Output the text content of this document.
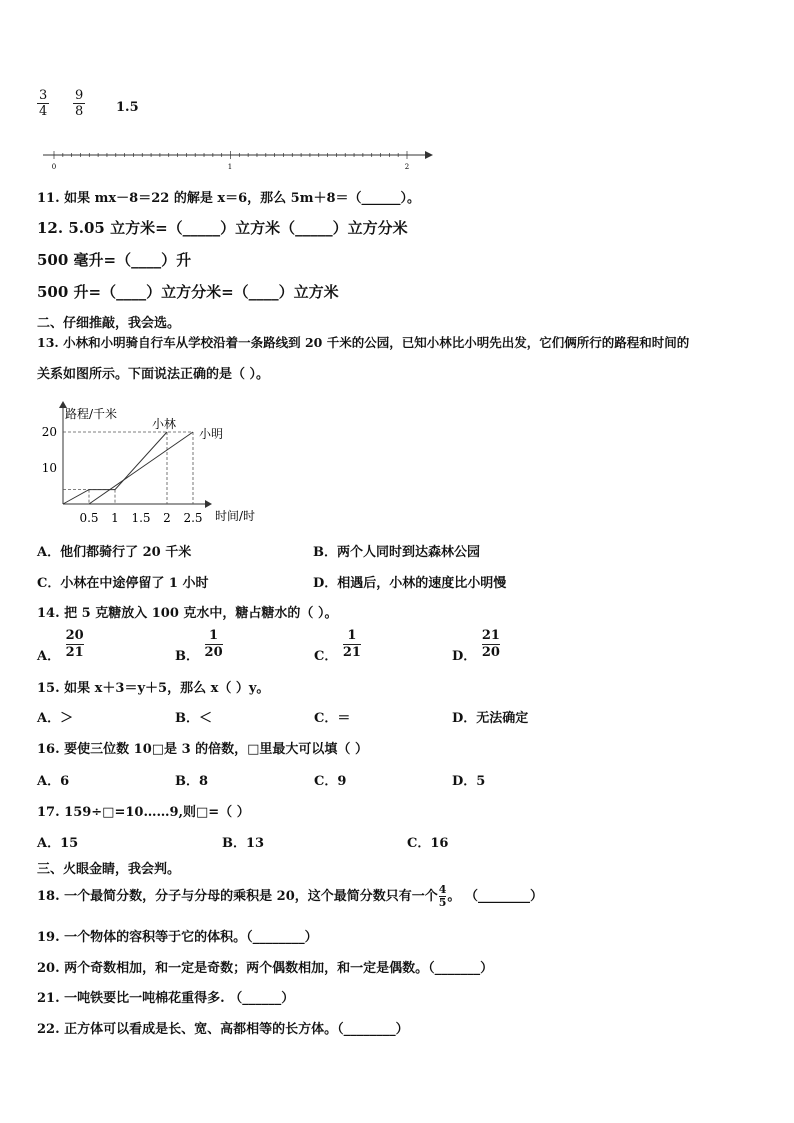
$\frac{3}{4} \frac{9}{8} 1.5$
0	1	2
11. 如果 mx－8＝22 的解是 x＝6，那么 5m＋8＝（______）。
12. 5.05 立方米=（_____）立方米（_____）立方分米
500 毫升=（____）升
500 升=（____）立方分米=（____）立方米
二、仔细推敲，我会选。
13. 小林和小明骑自行车从学校沿着一条路线到 20 千米的公园，已知小林比小明先出发，它们俩所行的路程和时间的
关系如图所示。下面说法正确的是（ ）。
路程/千米
时间/时
0.5 1 1.5 2 2.5
10
20
小林
小明
A．他们都骑行了 20 千米	B．两个人同时到达森林公园
C．小林在中途停留了 1 小时	D．相遇后，小林的速度比小明慢
14. 把 5 克糖放入 100 克水中，糖占糖水的（ ）。
A． $\frac{20}{21}$	B． $\frac{1}{20}$	C． $\frac{1}{21}$	D． $\frac{21}{20}$
15. 如果 x＋3＝y＋5，那么 x（ ）y。
A．＞	B．＜	C．＝	D．无法确定
16. 要使三位数 10□是 3 的倍数，□里最大可以填（ ）
A．6	B．8	C．9	D．5
17. 159÷□=10……9,则□=（ ）
A．15	B．13	C．16
三、火眼金睛，我会判。
18. 一个最简分数，分子与分母的乘积是 20，这个最简分数只有一个 $\frac{4}{5}$ 。 （________）
19. 一个物体的容积等于它的体积。（________）
20. 两个奇数相加，和一定是奇数；两个偶数相加，和一定是偶数。（_______）
21. 一吨铁要比一吨棉花重得多. （______）
22. 正方体可以看成是长、宽、高都相等的长方体。（________）
